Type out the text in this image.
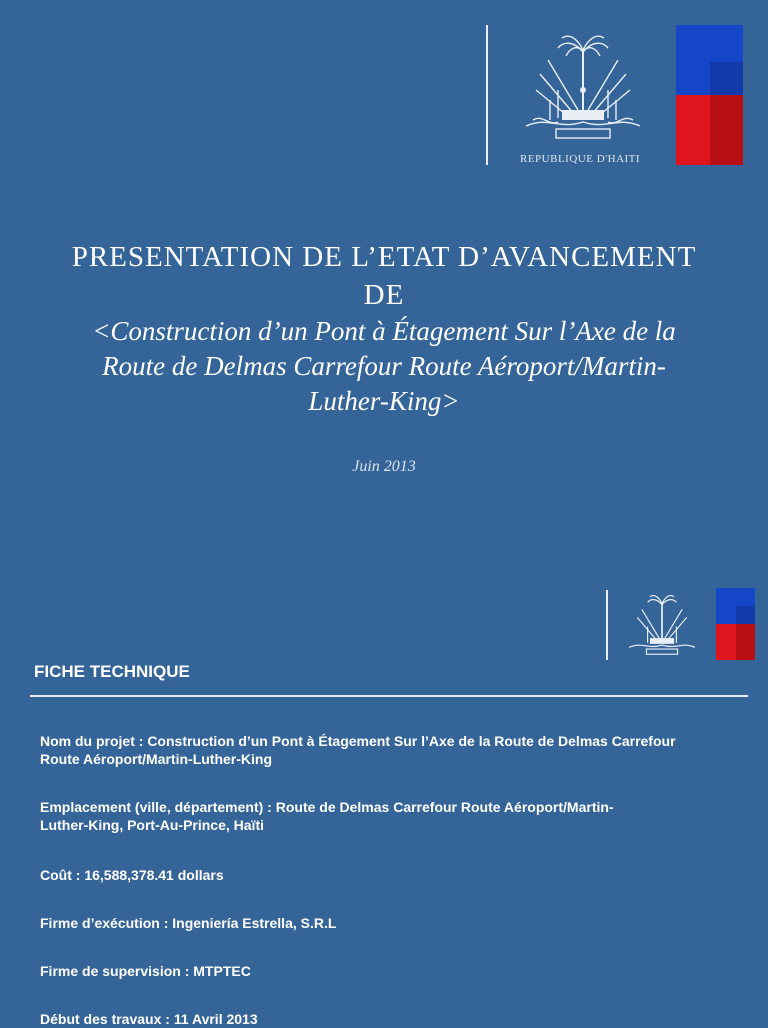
REPUBLIQUE D'HAITI
PRESENTATION DE L’ETAT D’AVANCEMENT
DE
<Construction d’un Pont à Étagement Sur l’Axe de la
Route de Delmas Carrefour Route Aéroport/Martin-
Luther-King>
Juin 2013
FICHE TECHNIQUE
Nom du projet : Construction d’un Pont à Étagement Sur l’Axe de la Route de Delmas Carrefour
Route Aéroport/Martin-Luther-King
Emplacement (ville, département) : Route de Delmas Carrefour Route Aéroport/Martin-
Luther-King, Port-Au-Prince, Haïti
Coût : 16,588,378.41 dollars
Firme d’exécution : Ingeniería Estrella, S.R.L
Firme de supervision : MTPTEC
Début des travaux : 11 Avril 2013
